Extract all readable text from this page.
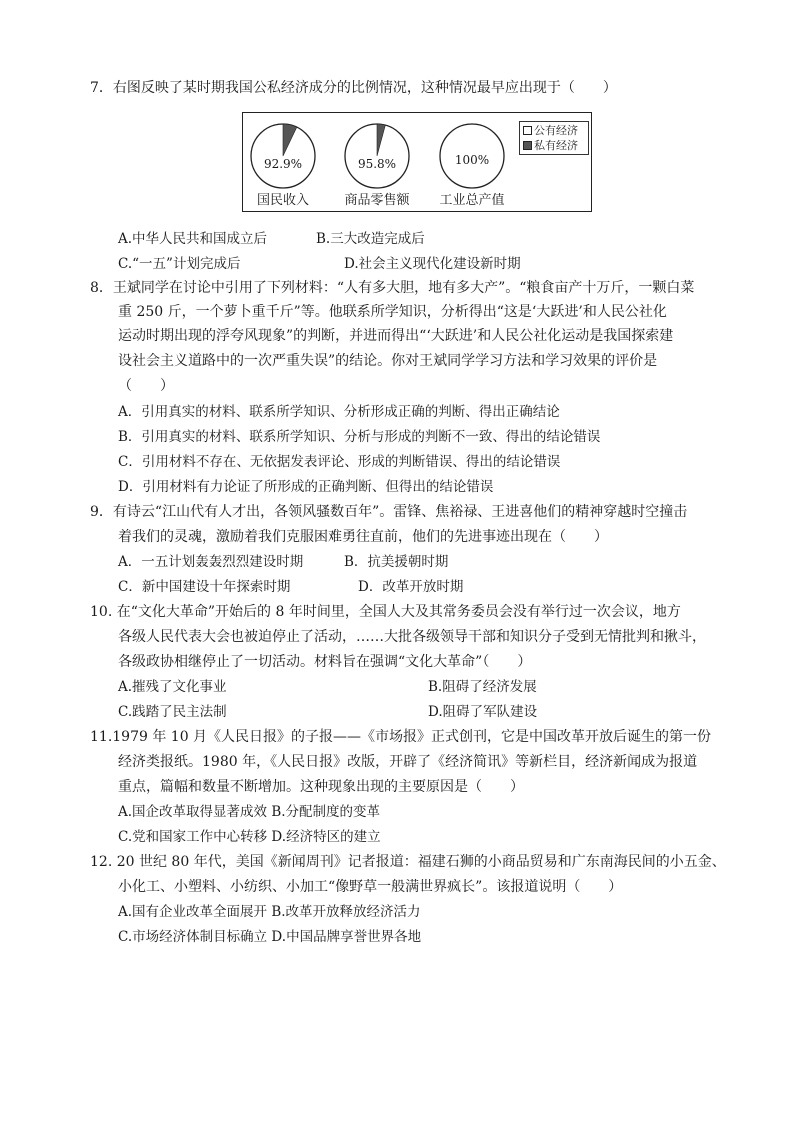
7．右图反映了某时期我国公私经济成分的比例情况，这种情况最早应出现于（　　）
92.9%	95.8%	100%
国民收入	商品零售额	工业总产值
公有经济
私有经济
A.中华人民共和国成立后	B.三大改造完成后
C.“一五”计划完成后	D.社会主义现代化建设新时期
8．王斌同学在讨论中引用了下列材料：“人有多大胆，地有多大产”。“粮食亩产十万斤，一颗白菜
重 250 斤，一个萝卜重千斤”等。他联系所学知识，分析得出“这是‘大跃进’和人民公社化
运动时期出现的浮夸风现象”的判断，并进而得出“‘大跃进’和人民公社化运动是我国探索建
设社会主义道路中的一次严重失误”的结论。你对王斌同学学习方法和学习效果的评价是
（　　）
A．引用真实的材料、联系所学知识、分析形成正确的判断、得出正确结论
B．引用真实的材料、联系所学知识、分析与形成的判断不一致、得出的结论错误
C．引用材料不存在、无依据发表评论、形成的判断错误、得出的结论错误
D．引用材料有力论证了所形成的正确判断、但得出的结论错误
9．有诗云“江山代有人才出，各领风骚数百年”。雷锋、焦裕禄、王进喜他们的精神穿越时空撞击
着我们的灵魂，激励着我们克服困难勇往直前，他们的先进事迹出现在（　　）
A．一五计划轰轰烈烈建设时期	B．抗美援朝时期
C．新中国建设十年探索时期	D．改革开放时期
10. 在“文化大革命”开始后的 8 年时间里，全国人大及其常务委员会没有举行过一次会议，地方
各级人民代表大会也被迫停止了活动，……大批各级领导干部和知识分子受到无情批判和揪斗，
各级政协相继停止了一切活动。材料旨在强调“文化大革命”（　　）
A.摧残了文化事业	B.阻碍了经济发展
C.践踏了民主法制	D.阻碍了军队建设
11.1979 年 10 月《人民日报》的子报——《市场报》正式创刊，它是中国改革开放后诞生的第一份
经济类报纸。1980 年，《人民日报》改版，开辟了《经济简讯》等新栏目，经济新闻成为报道
重点，篇幅和数量不断增加。这种现象出现的主要原因是（　　）
A.国企改革取得显著成效 B.分配制度的变革
C.党和国家工作中心转移 D.经济特区的建立
12. 20 世纪 80 年代，美国《新闻周刊》记者报道：福建石狮的小商品贸易和广东南海民间的小五金、
小化工、小塑料、小纺织、小加工“像野草一般满世界疯长”。该报道说明（　　）
A.国有企业改革全面展开 B.改革开放释放经济活力
C.市场经济体制目标确立 D.中国品牌享誉世界各地
